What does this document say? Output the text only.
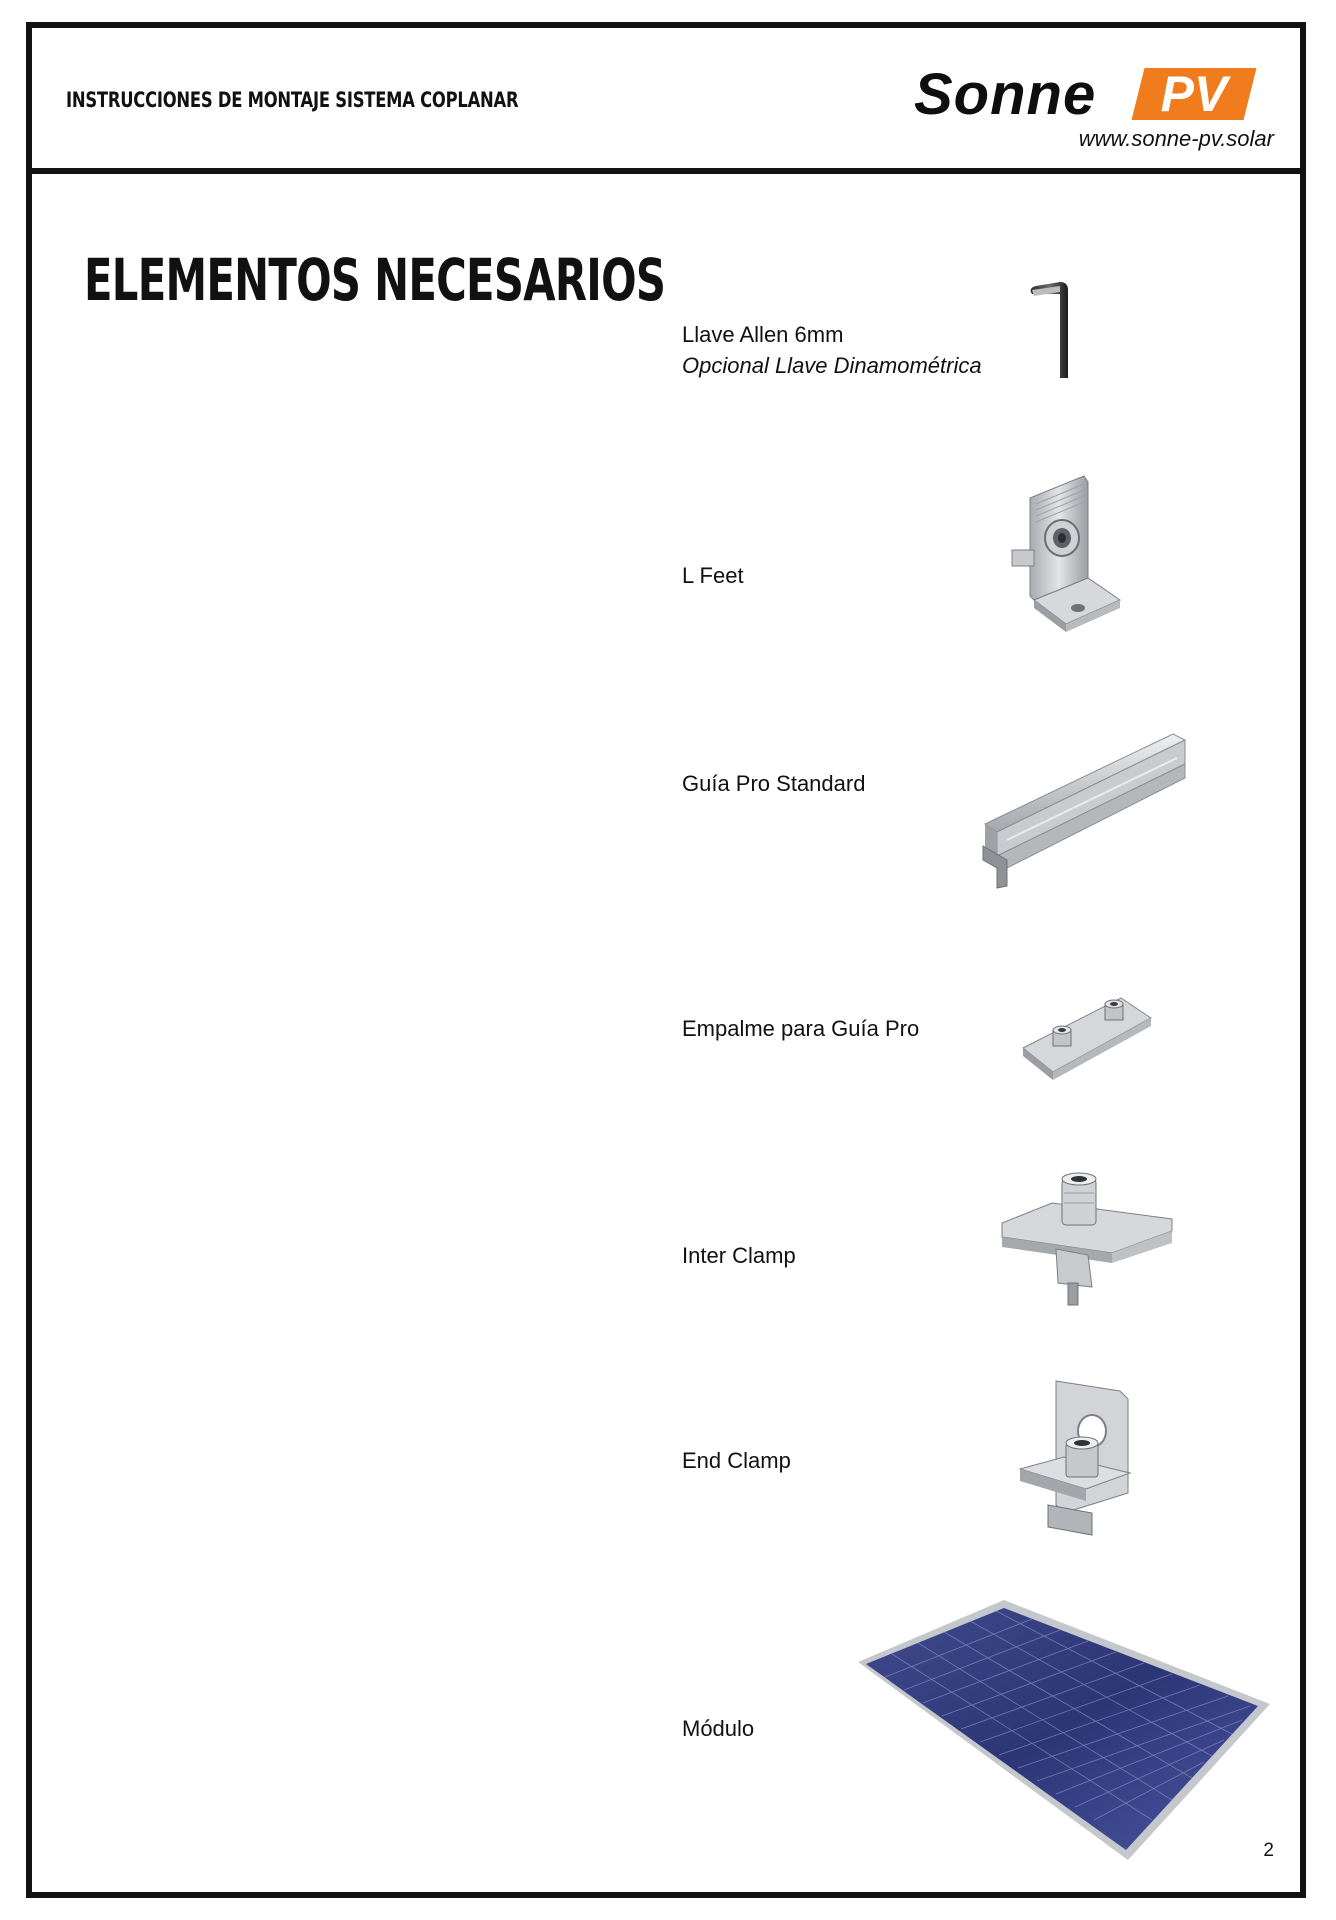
INSTRUCCIONES DE MONTAJE SISTEMA COPLANAR	Sonne	PV
www.sonne-pv.solar
ELEMENTOS NECESARIOS
Llave Allen 6mm
Opcional Llave Dinamométrica
L Feet
Guía Pro Standard
Empalme para Guía Pro
Inter Clamp
End Clamp
Módulo
2
